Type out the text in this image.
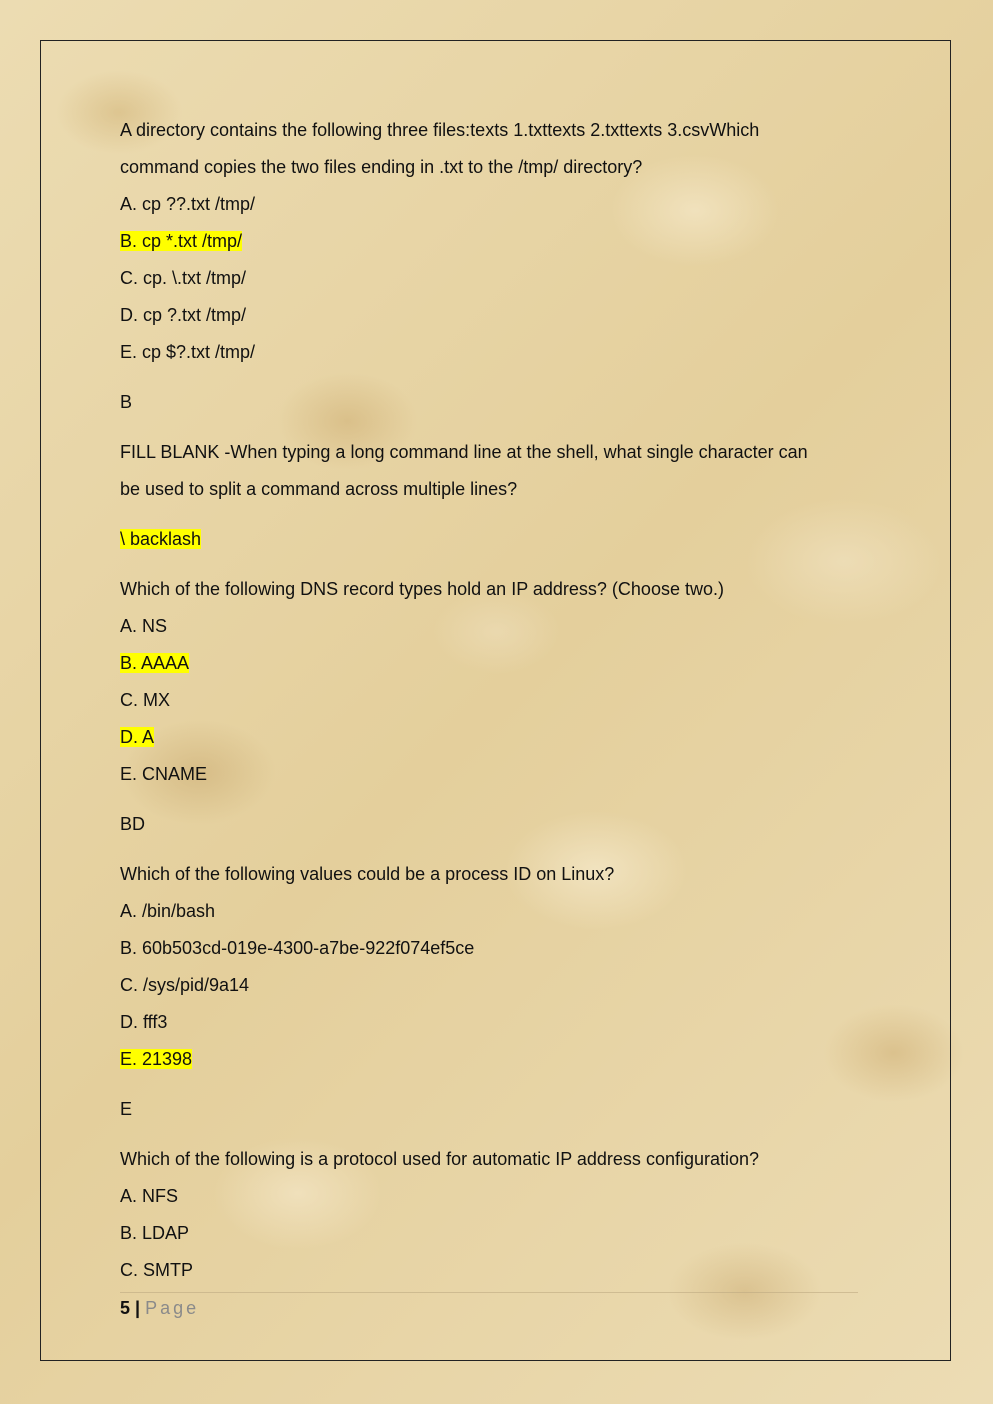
A directory contains the following three files:texts 1.txttexts 2.txttexts 3.csvWhich
command copies the two files ending in .txt to the /tmp/ directory?
A. cp ??.txt /tmp/
B. cp *.txt /tmp/
C. cp. \.txt /tmp/
D. cp ?.txt /tmp/
E. cp $?.txt /tmp/
B
FILL BLANK -When typing a long command line at the shell, what single character can
be used to split a command across multiple lines?
\ backlash
Which of the following DNS record types hold an IP address? (Choose two.)
A. NS
B. AAAA
C. MX
D. A
E. CNAME
BD
Which of the following values could be a process ID on Linux?
A. /bin/bash
B. 60b503cd-019e-4300-a7be-922f074ef5ce
C. /sys/pid/9a14
D. fff3
E. 21398
E
Which of the following is a protocol used for automatic IP address configuration?
A. NFS
B. LDAP
C. SMTP
5 | Page
